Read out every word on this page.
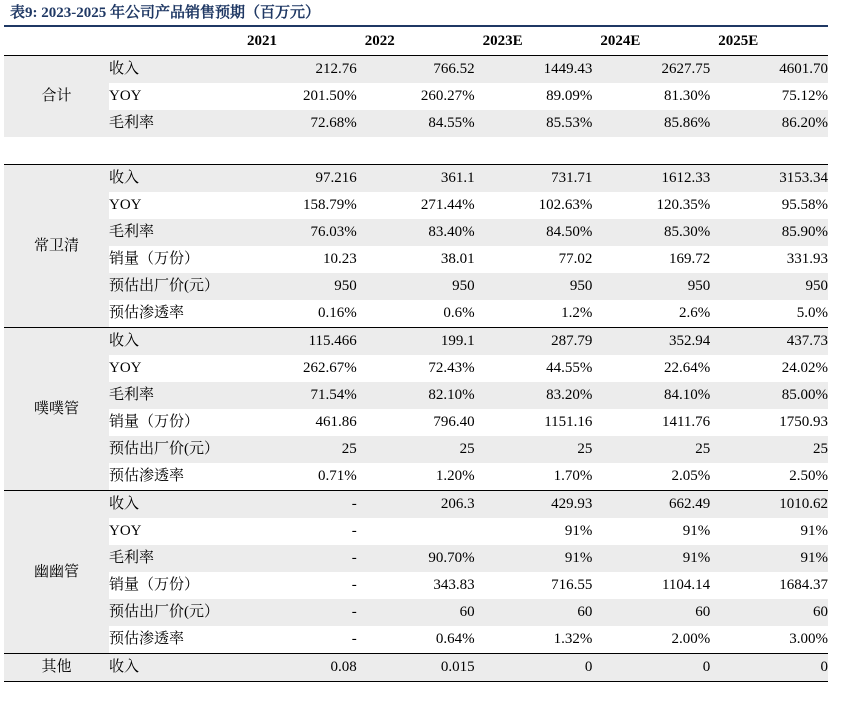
表9: 2023-2025 年公司产品销售预期（百万元）
		2021	2022	2023E	2024E	2025E
合计	收入	212.76	766.52	1449.43	2627.75	4601.70
	YOY	201.50%	260.27%	89.09%	81.30%	75.12%
	毛利率	72.68%	84.55%	85.53%	85.86%	86.20%

常卫清	收入	97.216	361.1	731.71	1612.33	3153.34
	YOY	158.79%	271.44%	102.63%	120.35%	95.58%
	毛利率	76.03%	83.40%	84.50%	85.30%	85.90%
	销量（万份）	10.23	38.01	77.02	169.72	331.93
	预估出厂价(元）	950	950	950	950	950
	预估渗透率	0.16%	0.6%	1.2%	2.6%	5.0%
噗噗管	收入	115.466	199.1	287.79	352.94	437.73
	YOY	262.67%	72.43%	44.55%	22.64%	24.02%
	毛利率	71.54%	82.10%	83.20%	84.10%	85.00%
	销量（万份）	461.86	796.40	1151.16	1411.76	1750.93
	预估出厂价(元）	25	25	25	25	25
	预估渗透率	0.71%	1.20%	1.70%	2.05%	2.50%
幽幽管	收入	-	206.3	429.93	662.49	1010.62
	YOY	-		91%	91%	91%
	毛利率	-	90.70%	91%	91%	91%
	销量（万份）	-	343.83	716.55	1104.14	1684.37
	预估出厂价(元）	-	60	60	60	60
	预估渗透率	-	0.64%	1.32%	2.00%	3.00%
其他	收入	0.08	0.015	0	0	0
